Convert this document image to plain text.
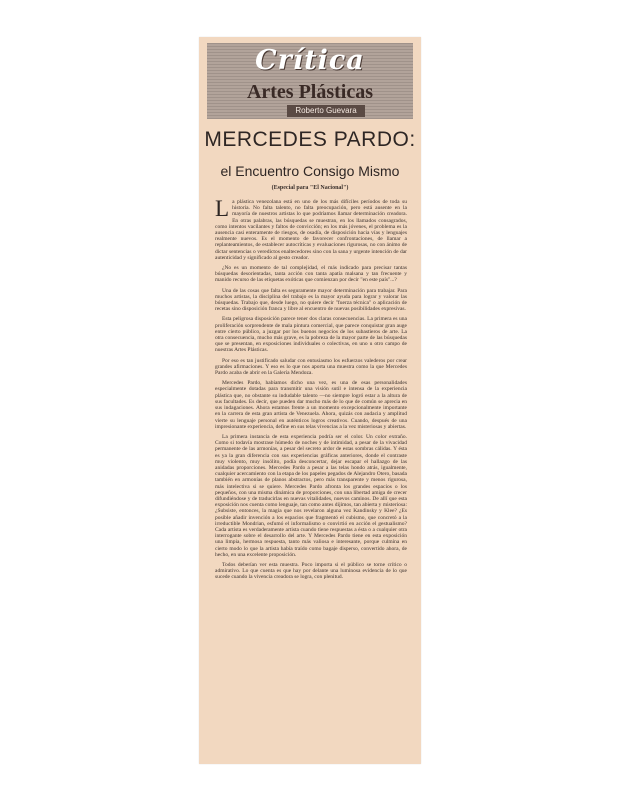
Crítica
Artes Plásticas
Roberto Guevara
MERCEDES PARDO:
el Encuentro Consigo Mismo
(Especial para "El Nacional")

La plástica venezolana está en uno de los más difíciles períodos de toda su historia. No falta talento, no falta preocupación, pero está ausente en la mayoría de nuestros artistas lo que podríamos llamar determinación creadora. En otras palabras, las búsquedas se muestran, en los llamados consagrados, como intentos vacilantes y faltos de convicción; en los más jóvenes, el problema es la ausencia casi enteramente de riesgos, de osadía, de disposición hacia vías y lenguajes realmente nuevos. Es el momento de favorecer confrontaciones, de llamar a replanteamientos, de establecer autocríticas y evaluaciones rigurosas, no con ánimo de dictar sentencias o veredictos enaltecedores sino con la sana y urgente intención de dar autenticidad y significado al gesto creador.

¿No es un momento de tal complejidad, el más indicado para precisar tantas búsquedas desorientadas, tanta acción con tanta apatía malsana y tan frecuente y manido recurso de las etiquetas exóticas que comienzan por decir "en este país"...?

Una de las cosas que falta es seguramente mayor determinación para trabajar. Para muchos artistas, la disciplina del trabajo es la mayor ayuda para lograr y valorar las búsquedas. Trabajo que, desde luego, no quiere decir "fuerza técnica" o aplicación de recetas sino disposición franca y libre al encuentro de nuevas posibilidades expresivas.

Esta peligrosa disposición parece tener dos claras consecuencias. La primera es una proliferación sorprendente de mala pintura comercial, que parece conquistar gran auge entre cierto público, a juzgar por los buenos negocios de los subastieros de arte. La otra consecuencia, mucho más grave, es la pobreza de la mayor parte de las búsquedas que se presentan, en exposiciones individuales o colectivas, en uno u otro campo de nuestras Artes Plásticas.

Por eso es tan justificado saludar con entusiasmo los esfuerzos valederos por crear grandes afirmaciones. Y eso es lo que nos aporta una muestra como la que Mercedes Pardo acaba de abrir en la Galería Mendoza.

Mercedes Pardo, habíamos dicho una vez, es una de esas personalidades especialmente dotadas para transmitir una visión sutil e intensa de la experiencia plástica que, no obstante su indudable talento —no siempre logró estar a la altura de sus facultades. Es decir, que pueden dar mucho más de lo que de común se aprecia en sus indagaciones. Ahora estamos frente a un momento excepcionalmente importante en la carrera de esta gran artista de Venezuela. Ahora, quizás con audacia y amplitud vierte su lenguaje personal en auténticos logros creativos. Cuando, después de una impresionante experiencia, define en sus telas vivencias a la vez misteriosas y abiertas.

La primera instancia de esta experiencia podría ser el color. Un color extraño. Como si todavía mostrase húmedo de noches y de intimidad, a pesar de la vivacidad permanente de las armonías, a pesar del secreto ardor de estas sombras cálidas. Y ésta es ya la gran diferencia con sus experiencias gráficas anteriores, donde el contraste muy violento, muy insólito, podía desconcertar, dejar escapar el hallazgo de las anidadas proporciones. Mercedes Pardo a pesar a las telas hondo atrás, igualmente, cualquier acercamiento con la etapa de los papeles pegados de Alejandro Otero, basada también en armonías de planos abstractos, pero más transparente y menos rigurosa, más intelectiva si se quiere. Mercedes Pardo afronta los grandes espacios o los pequeños, con una misma dinámica de proporciones, con una libertad amiga de crecer difundiéndose y de traducirlas en nuevas vitalidades, nuevos caminos. De allí que esta exposición nos cuenta como lenguaje, tan como antes dijimos, tan abierta y misteriosa: ¿Subsiste, entonces, la magia que nos revelaron alguna vez Kandinsky y Klee? ¿Es posible añadir invención a los espacios que fragmentó el cubismo, que concretó a la irreductible Mondrian, esfumó el informalismo o convirtió en acción el gestualismo? Cada artista es verdaderamente artista cuando tiene respuestas a ésta o a cualquier otra interrogante sobre el desarrollo del arte. Y Mercedes Pardo tiene en esta exposición una limpia, hermosa respuesta, tanto más valiosa e interesante, porque culmina en cierto modo lo que la artista había traído como bagaje disperso, convertido ahora, de hecho, en una excelente proposición.

Todos deberían ver esta muestra. Poco importa si el público se torne crítico o admirativo. Lo que cuenta es que hay por delante una luminosa evidencia de lo que sucede cuando la vivencia creadora se logra, con plenitud.
